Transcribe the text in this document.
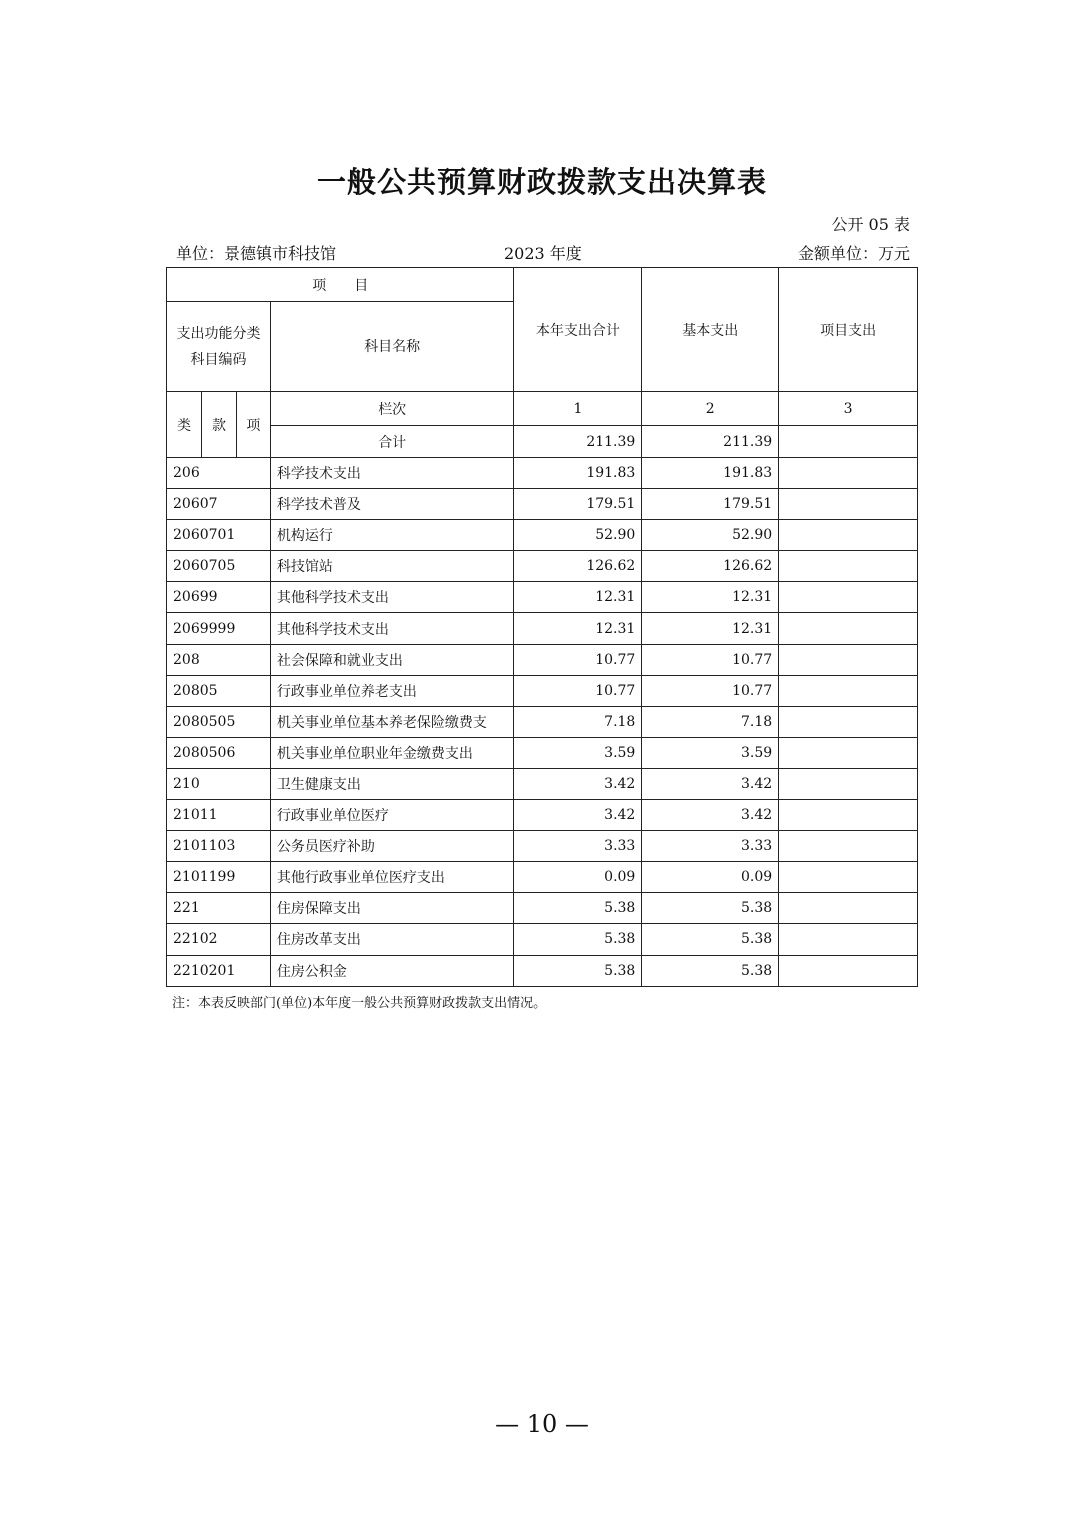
一般公共预算财政拨款支出决算表
公开 05 表
单位：景德镇市科技馆	2023 年度	金额单位：万元
项　　目				本年支出合计	基本支出	项目支出
支出功能分类科目编码			科目名称			
类	款	项	栏次	1	2	3
			合计	211.39	211.39	
206			科学技术支出	191.83	191.83	
20607			科学技术普及	179.51	179.51	
2060701			机构运行	52.90	52.90	
2060705			科技馆站	126.62	126.62	
20699			其他科学技术支出	12.31	12.31	
2069999			其他科学技术支出	12.31	12.31	
208			社会保障和就业支出	10.77	10.77	
20805			行政事业单位养老支出	10.77	10.77	
2080505			机关事业单位基本养老保险缴费支	7.18	7.18	
2080506			机关事业单位职业年金缴费支出	3.59	3.59	
210			卫生健康支出	3.42	3.42	
21011			行政事业单位医疗	3.42	3.42	
2101103			公务员医疗补助	3.33	3.33	
2101199			其他行政事业单位医疗支出	0.09	0.09	
221			住房保障支出	5.38	5.38	
22102			住房改革支出	5.38	5.38	
2210201			住房公积金	5.38	5.38	
注：本表反映部门(单位)本年度一般公共预算财政拨款支出情况。
— 10 —
